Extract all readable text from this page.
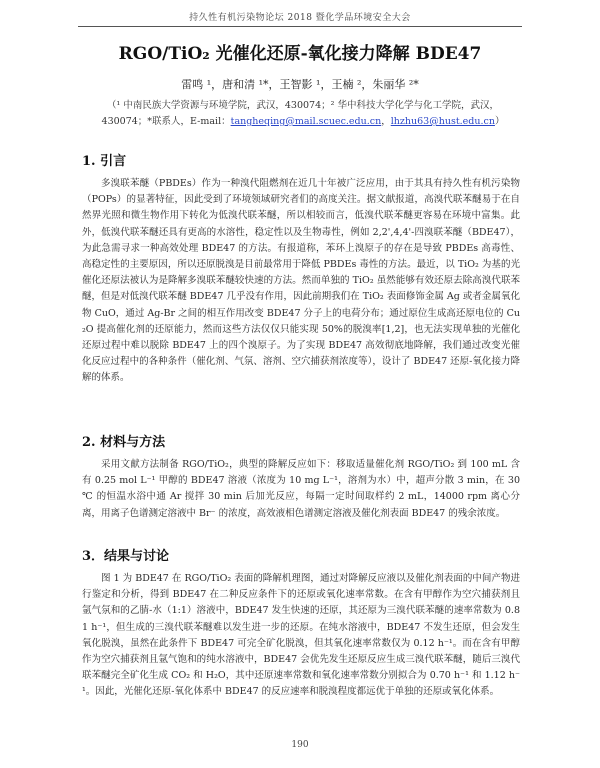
持久性有机污染物论坛 2018 暨化学品环境安全大会
RGO/TiO₂ 光催化还原-氧化接力降解 BDE47
雷鸣 ¹，唐和清 ¹*，王智影 ¹，王楠 ²，朱丽华 ²*
（¹ 中南民族大学资源与环境学院，武汉，430074；² 华中科技大学化学与化工学院，武汉，
430074；*联系人，E-mail：tangheqing@mail.scuec.edu.cn，lhzhu63@hust.edu.cn）
1. 引言
多溴联苯醚（PBDEs）作为一种溴代阻燃剂在近几十年被广泛应用，由于其具有持久性有机污染物（POPs）的显著特征，因此受到了环境领域研究者们的高度关注。据文献报道，高溴代联苯醚易于在自然界光照和微生物作用下转化为低溴代联苯醚，所以相较而言，低溴代联苯醚更容易在环境中富集。此外，低溴代联苯醚还具有更高的水溶性，稳定性以及生物毒性，例如 2,2',4,4'-四溴联苯醚（BDE47），为此急需寻求一种高效处理 BDE47 的方法。有报道称，苯环上溴原子的存在是导致 PBDEs 高毒性、高稳定性的主要原因，所以还原脱溴是目前最常用于降低 PBDEs 毒性的方法。最近，以 TiO₂ 为基的光催化还原法被认为是降解多溴联苯醚较快速的方法。然而单独的 TiO₂ 虽然能够有效还原去除高溴代联苯醚，但是对低溴代联苯醚 BDE47 几乎没有作用，因此前期我们在 TiO₂ 表面修饰金属 Ag 或者金属氧化物 CuO，通过 Ag-Br 之间的相互作用改变 BDE47 分子上的电荷分布；通过原位生成高还原电位的 Cu₂O 提高催化剂的还原能力，然而这些方法仅仅只能实现 50%的脱溴率[1,2]，也无法实现单独的光催化还原过程中难以脱除 BDE47 上的四个溴原子。为了实现 BDE47 高效彻底地降解，我们通过改变光催化反应过程中的各种条件（催化剂、气氛、溶剂、空穴捕获剂浓度等），设计了 BDE47 还原-氧化接力降解的体系。
2. 材料与方法
采用文献方法制备 RGO/TiO₂，典型的降解反应如下：移取适量催化剂 RGO/TiO₂ 到 100 mL 含有 0.25 mol L⁻¹ 甲醇的 BDE47 溶液（浓度为 10 mg L⁻¹，溶剂为水）中，超声分散 3 min，在 30 ℃ 的恒温水浴中通 Ar 搅拌 30 min 后加光反应，每隔一定时间取样约 2 mL，14000 rpm 离心分离，用离子色谱测定溶液中 Br⁻ 的浓度，高效液相色谱测定溶液及催化剂表面 BDE47 的残余浓度。
3．结果与讨论
图 1 为 BDE47 在 RGO/TiO₂ 表面的降解机理图，通过对降解反应液以及催化剂表面的中间产物进行鉴定和分析，得到 BDE47 在二种反应条件下的还原或氧化速率常数。在含有甲醇作为空穴捕获剂且氩气氛和的乙腈-水（1:1）溶液中，BDE47 发生快速的还原，其还原为三溴代联苯醚的速率常数为 0.81 h⁻¹，但生成的三溴代联苯醚难以发生进一步的还原。在纯水溶液中，BDE47 不发生还原，但会发生氧化脱溴，虽然在此条件下 BDE47 可完全矿化脱溴，但其氧化速率常数仅为 0.12 h⁻¹。而在含有甲醇作为空穴捕获剂且氩气饱和的纯水溶液中，BDE47 会优先发生还原反应生成三溴代联苯醚，随后三溴代联苯醚完全矿化生成 CO₂ 和 H₂O，其中还原速率常数和氧化速率常数分别拟合为 0.70 h⁻¹ 和 1.12 h⁻¹。因此，光催化还原-氧化体系中 BDE47 的反应速率和脱溴程度都远优于单独的还原或氧化体系。
190
